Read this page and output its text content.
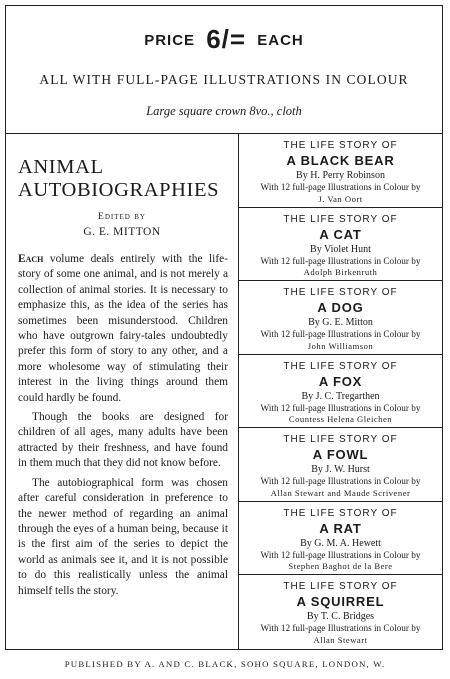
PRICE 6/= EACH
ALL WITH FULL-PAGE ILLUSTRATIONS IN COLOUR
Large square crown 8vo., cloth
ANIMAL
AUTOBIOGRAPHIES
Edited by
G. E. MITTON

Each volume deals entirely with the life-story of some one animal, and is not merely a collection of animal stories. It is necessary to emphasize this, as the idea of the series has sometimes been misunderstood. Children who have outgrown fairy-tales undoubtedly prefer this form of story to any other, and a more wholesome way of stimulating their interest in the living things around them could hardly be found.

Though the books are designed for children of all ages, many adults have been attracted by their freshness, and have found in them much that they did not know before.

The autobiographical form was chosen after careful consideration in preference to the newer method of regarding an animal through the eyes of a human being, because it is the first aim of the series to depict the world as animals see it, and it is not possible to do this realistically unless the animal himself tells the story.

THE LIFE STORY OF
A BLACK BEAR
By H. Perry Robinson
With 12 full-page Illustrations in Colour by
J. Van Oort
THE LIFE STORY OF
A CAT
By Violet Hunt
With 12 full-page Illustrations in Colour by
Adolph Birkenruth
THE LIFE STORY OF
A DOG
By G. E. Mitton
With 12 full-page Illustrations in Colour by
John Williamson
THE LIFE STORY OF
A FOX
By J. C. Tregarthen
With 12 full-page Illustrations in Colour by
Countess Helena Gleichen
THE LIFE STORY OF
A FOWL
By J. W. Hurst
With 12 full-page Illustrations in Colour by
Allan Stewart and Maude Scrivener
THE LIFE STORY OF
A RAT
By G. M. A. Hewett
With 12 full-page Illustrations in Colour by
Stephen Baghot de la Bere
THE LIFE STORY OF
A SQUIRREL
By T. C. Bridges
With 12 full-page Illustrations in Colour by
Allan Stewart
PUBLISHED BY A. AND C. BLACK, SOHO SQUARE, LONDON, W.
